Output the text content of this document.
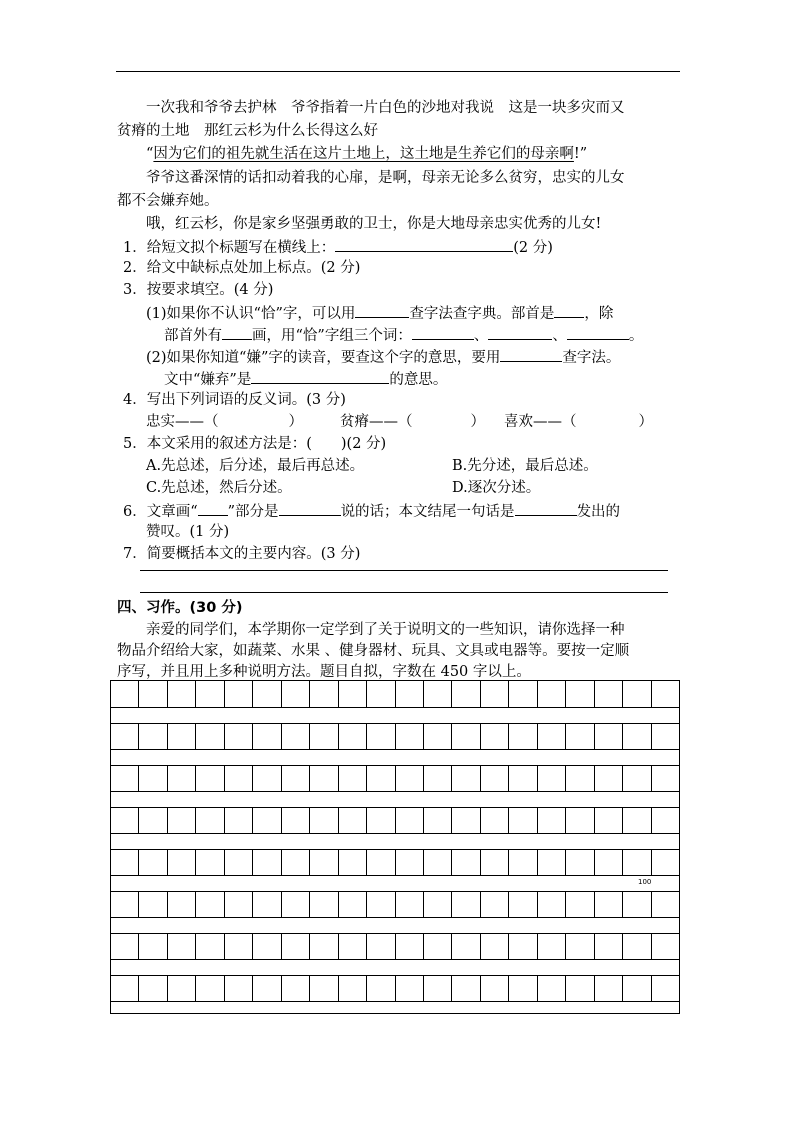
一次我和爷爷去护林　爷爷指着一片白色的沙地对我说　这是一块多灾而又
贫瘠的土地　那红云杉为什么长得这么好
“因为它们的祖先就生活在这片土地上，这土地是生养它们的母亲啊!”
爷爷这番深情的话扣动着我的心扉，是啊，母亲无论多么贫穷，忠实的儿女
都不会嫌弃她。
哦，红云杉，你是家乡坚强勇敢的卫士，你是大地母亲忠实优秀的儿女!
1．给短文拟个标题写在横线上：	(2 分)
2．给文中缺标点处加上标点。(2 分)
3．按要求填空。(4 分)
(1)如果你不认识“恰”字，可以用	查字法查字典。部首是 ，除
部首外有 画，用“恰”字组三个词：	、	、	。
(2)如果你知道“嫌”字的读音，要查这个字的意思，要用	查字法。
文中“嫌弃”是	的意思。
4．写出下列词语的反义词。(3 分)
忠实——（	）	贫瘠——（	） 喜欢——（	）
5．本文采用的叙述方法是：(　　)(2 分)
A.先总述，后分述，最后再总述。	B.先分述，最后总述。
C.先总述，然后分述。	D.逐次分述。
6．文章画“ ”部分是	说的话；本文结尾一句话是	发出的
赞叹。(1 分)
7．简要概括本文的主要内容。(3 分)
四、习作。(30 分)
亲爱的同学们，本学期你一定学到了关于说明文的一些知识，请你选择一种
物品介绍给大家，如蔬菜、水果 、健身器材、玩具、文具或电器等。要按一定顺
序写，并且用上多种说明方法。题目自拟，字数在 450 字以上。
100
